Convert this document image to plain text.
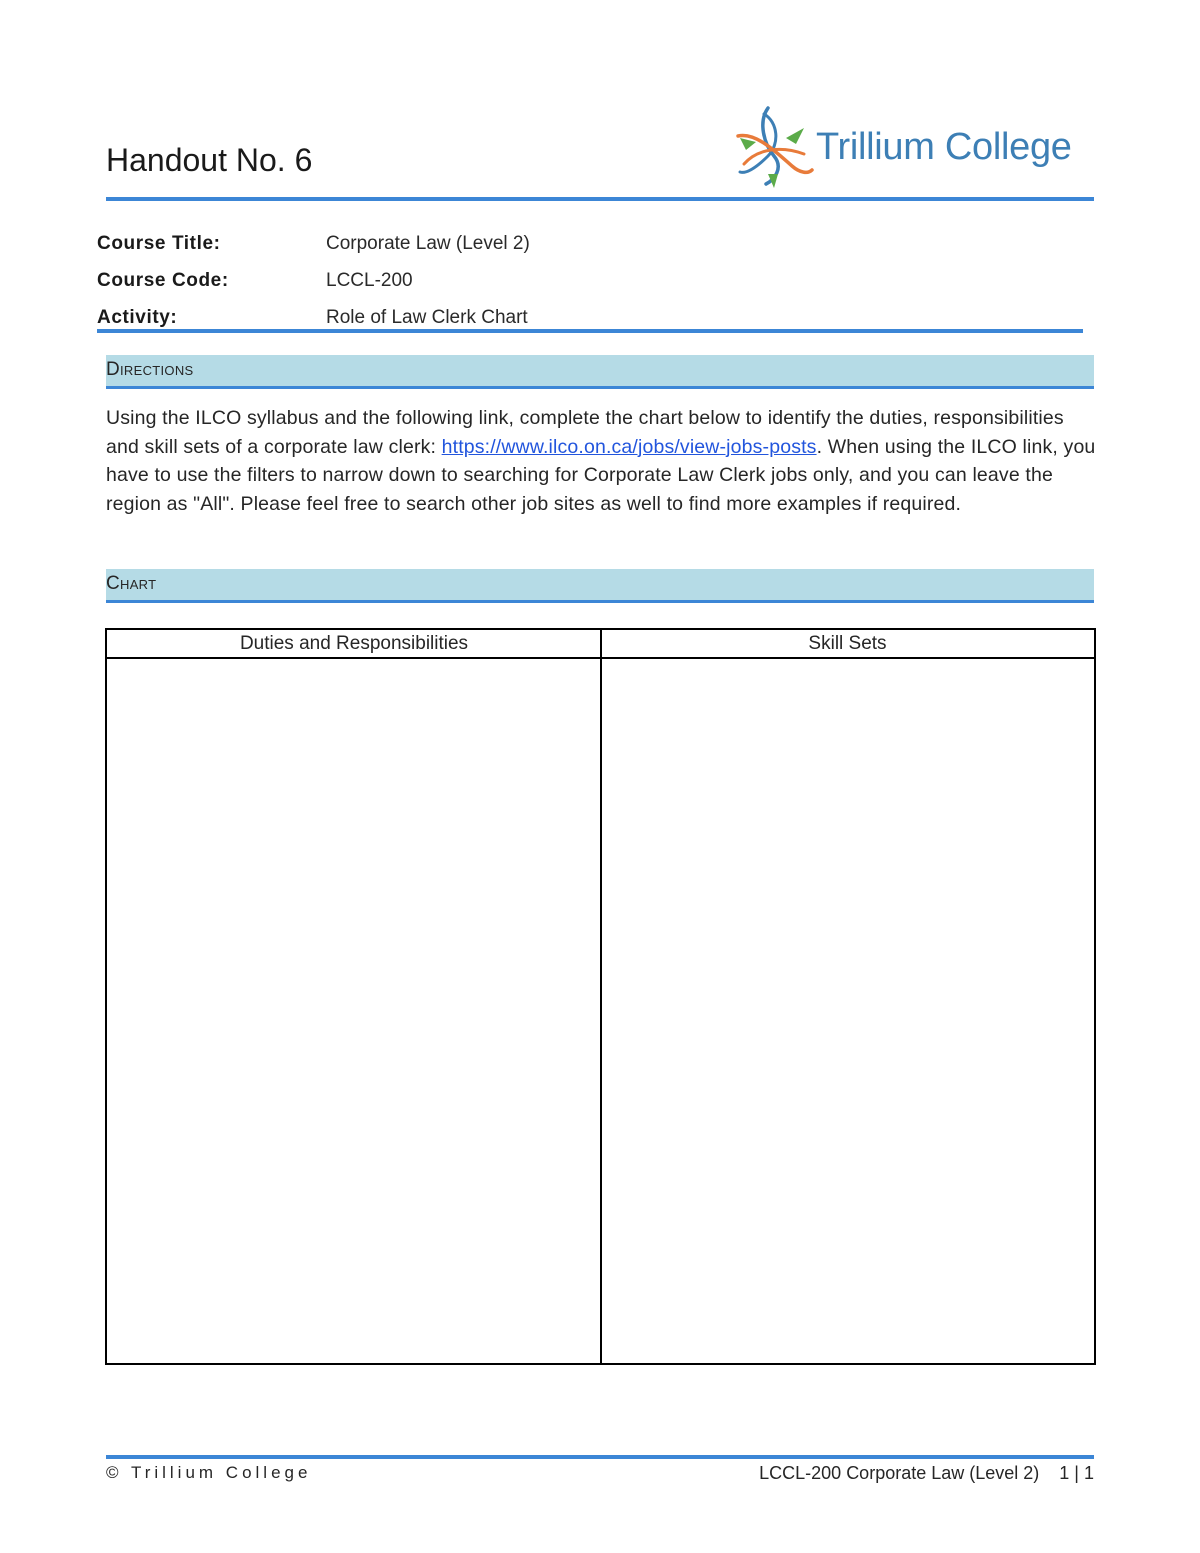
Handout No. 6	Trillium College
Course Title:	Corporate Law (Level 2)
Course Code:	LCCL-200
Activity:	Role of Law Clerk Chart
Directions
Using the ILCO syllabus and the following link, complete the chart below to identify the duties, responsibilities and skill sets of a corporate law clerk: https://www.ilco.on.ca/jobs/view-jobs-posts. When using the ILCO link, you have to use the filters to narrow down to searching for Corporate Law Clerk jobs only, and you can leave the region as "All". Please feel free to search other job sites as well to find more examples if required.
Chart
Duties and Responsibilities	Skill Sets
© Trillium College	LCCL-200 Corporate Law (Level 2)    1 | 1
